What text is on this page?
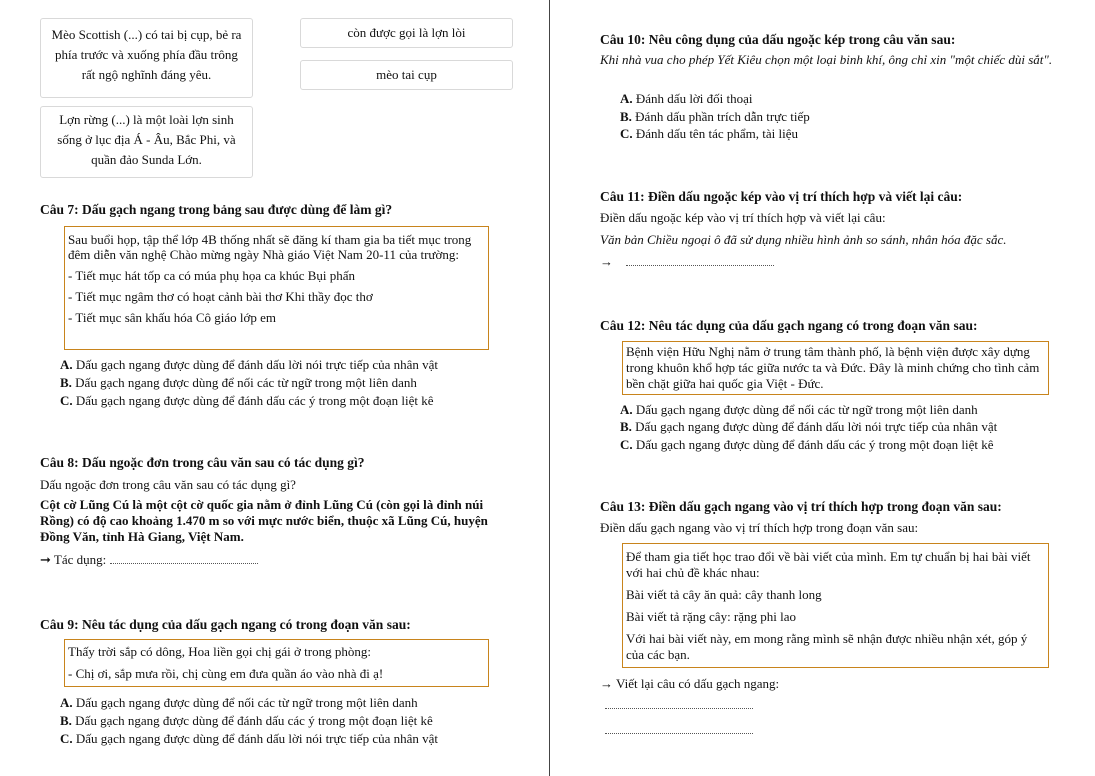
Mèo Scottish (...) có tai bị cụp, bẻ ra phía trước và xuống phía đầu trông rất ngộ nghĩnh đáng yêu.
Lợn rừng (...) là một loài lợn sinh sống ở lục địa Á - Âu, Bắc Phi, và quần đảo Sunda Lớn.
còn được gọi là lợn lòi
mèo tai cụp
Câu 7: Dấu gạch ngang trong bảng sau được dùng để làm gì?
Sau buổi họp, tập thể lớp 4B thống nhất sẽ đăng kí tham gia ba tiết mục trong đêm diễn văn nghệ Chào mừng ngày Nhà giáo Việt Nam 20-11 của trường:
- Tiết mục hát tốp ca có múa phụ họa ca khúc Bụi phấn
- Tiết mục ngâm thơ có hoạt cảnh bài thơ Khi thầy đọc thơ
- Tiết mục sân khấu hóa Cô giáo lớp em
A. Dấu gạch ngang được dùng để đánh dấu lời nói trực tiếp của nhân vật
B. Dấu gạch ngang được dùng để nối các từ ngữ trong một liên danh
C. Dấu gạch ngang được dùng để đánh dấu các ý trong một đoạn liệt kê
Câu 8: Dấu ngoặc đơn trong câu văn sau có tác dụng gì?
Dấu ngoặc đơn trong câu văn sau có tác dụng gì?
Cột cờ Lũng Cú là một cột cờ quốc gia nằm ở đỉnh Lũng Cú (còn gọi là đỉnh núi Rồng) có độ cao khoảng 1.470 m so với mực nước biển, thuộc xã Lũng Cú, huyện Đồng Văn, tỉnh Hà Giang, Việt Nam.
➞ Tác dụng:
Câu 9: Nêu tác dụng của dấu gạch ngang có trong đoạn văn sau:
Thấy trời sắp có dông, Hoa liền gọi chị gái ở trong phòng:
- Chị ơi, sắp mưa rồi, chị cùng em đưa quần áo vào nhà đi ạ!
A. Dấu gạch ngang được dùng để nối các từ ngữ trong một liên danh
B. Dấu gạch ngang được dùng để đánh dấu các ý trong một đoạn liệt kê
C. Dấu gạch ngang được dùng để đánh dấu lời nói trực tiếp của nhân vật
Câu 10: Nêu công dụng của dấu ngoặc kép trong câu văn sau:
Khi nhà vua cho phép Yết Kiêu chọn một loại binh khí, ông chỉ xin "một chiếc dùi sắt".
A. Đánh dấu lời đối thoại
B. Đánh dấu phần trích dẫn trực tiếp
C. Đánh dấu tên tác phẩm, tài liệu
Câu 11: Điền dấu ngoặc kép vào vị trí thích hợp và viết lại câu:
Điền dấu ngoặc kép vào vị trí thích hợp và viết lại câu:
Văn bản Chiều ngoại ô đã sử dụng nhiều hình ảnh so sánh, nhân hóa đặc sắc.
→
Câu 12: Nêu tác dụng của dấu gạch ngang có trong đoạn văn sau:
Bệnh viện Hữu Nghị nằm ở trung tâm thành phố, là bệnh viện được xây dựng trong khuôn khổ hợp tác giữa nước ta và Đức. Đây là minh chứng cho tình cảm bền chặt giữa hai quốc gia Việt - Đức.
A. Dấu gạch ngang được dùng để nối các từ ngữ trong một liên danh
B. Dấu gạch ngang được dùng để đánh dấu lời nói trực tiếp của nhân vật
C. Dấu gạch ngang được dùng để đánh dấu các ý trong một đoạn liệt kê
Câu 13: Điền dấu gạch ngang vào vị trí thích hợp trong đoạn văn sau:
Điền dấu gạch ngang vào vị trí thích hợp trong đoạn văn sau:
Để tham gia tiết học trao đổi về bài viết của mình. Em tự chuẩn bị hai bài viết với hai chủ đề khác nhau:
Bài viết tả cây ăn quả: cây thanh long
Bài viết tả rặng cây: rặng phi lao
Với hai bài viết này, em mong rằng mình sẽ nhận được nhiều nhận xét, góp ý của các bạn.
→ Viết lại câu có dấu gạch ngang:
